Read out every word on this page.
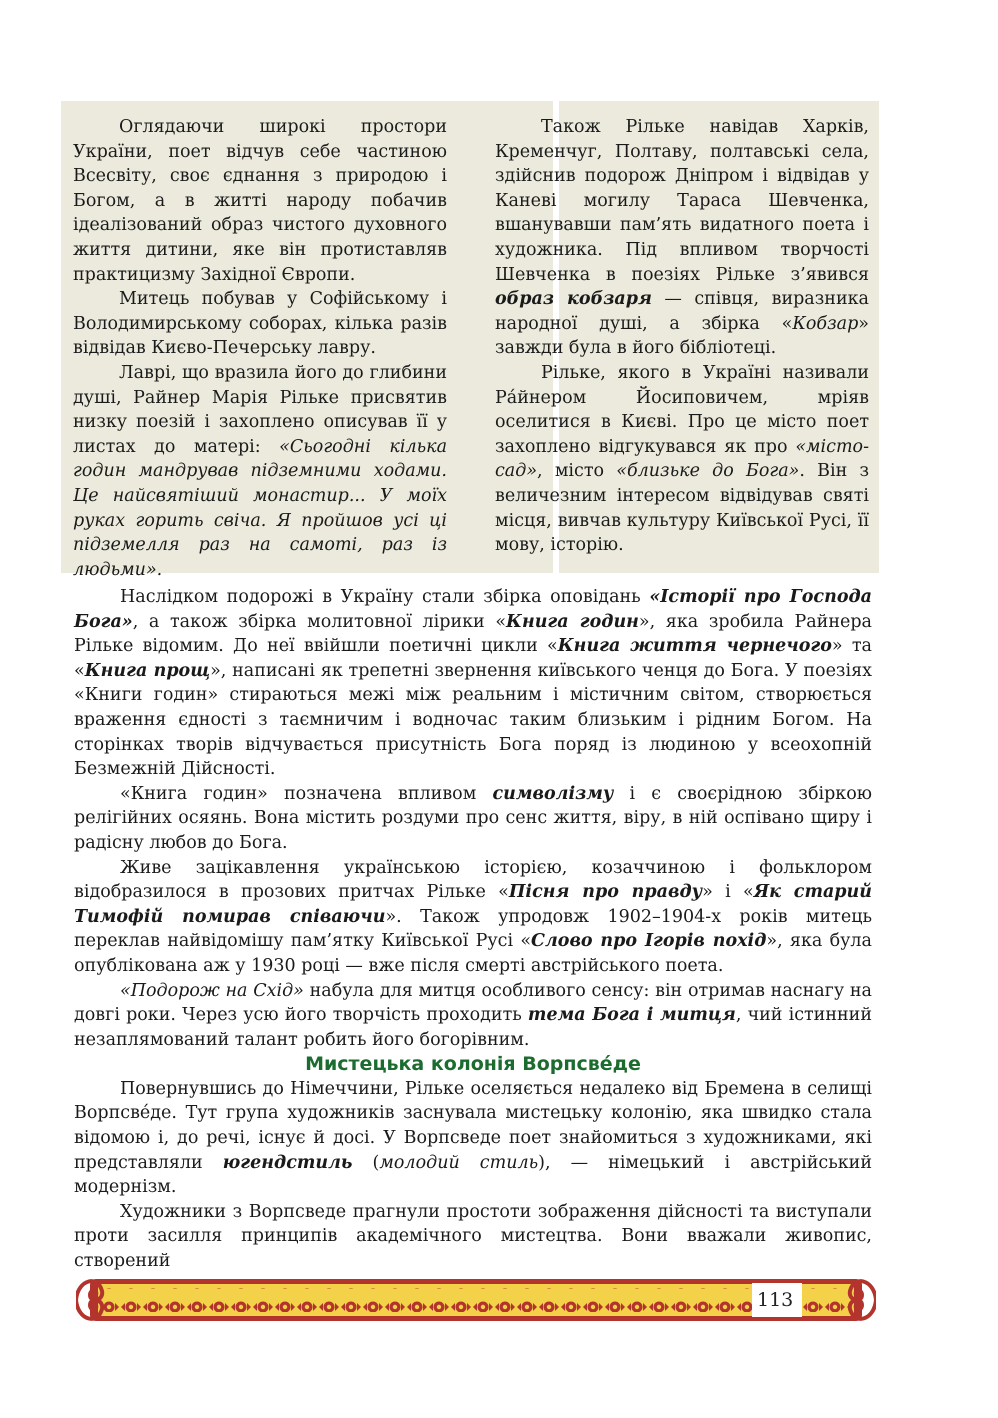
Оглядаючи широкі простори України, поет відчув себе частиною Всесвіту, своє єднання з природою і Богом, а в житті народу побачив ідеалізований образ чистого духовного життя дитини, яке він протиставляв практицизму Західної Європи.

Митець побував у Софійському і Володимирському соборах, кілька разів відвідав Києво-Печерську лавру.

Лаврі, що вразила його до глибини душі, Райнер Марія Рільке присвятив низку поезій і захоплено описував її у листах до матері: «Сьогодні кілька годин мандрував підземними ходами. Це найсвятіший монастир... У моїх руках горить свіча. Я пройшов усі ці підземелля раз на самоті, раз із людьми».

Також Рільке навідав Харків, Кременчуг, Полтаву, полтавські села, здійснив подорож Дніпром і відвідав у Каневі могилу Тараса Шевченка, вшанувавши пам’ять видатного поета і художника. Під впливом творчості Шевченка в поезіях Рільке з’явився образ кобзаря — співця, виразника народної душі, а збірка «Кобзар» завжди була в його бібліотеці.

Рільке, якого в Україні називали Ра́йнером Йосиповичем, мріяв оселитися в Києві. Про це місто поет захоплено відгукувався як про «місто-сад», місто «близьке до Бога». Він з величезним інтересом відвідував святі місця, вивчав культуру Київської Русі, її мову, історію.

Наслідком подорожі в Україну стали збірка оповідань «Історії про Господа Бога», а також збірка молитовної лірики «Книга годин», яка зробила Райнера Рільке відомим. До неї ввійшли поетичні цикли «Книга життя чернечого» та «Книга прощ», написані як трепетні звернення київського ченця до Бога. У поезіях «Книги годин» стираються межі між реальним і містичним світом, створюється враження єдності з таємничим і водночас таким близьким і рідним Богом. На сторінках творів відчувається присутність Бога поряд із людиною у всеохопній Безмежній Дійсності.

«Книга годин» позначена впливом символізму і є своєрідною збіркою релігійних осяянь. Вона містить роздуми про сенс життя, віру, в ній оспівано щиру і радісну любов до Бога.

Живе зацікавлення українською історією, козаччиною і фольклором відобразилося в прозових притчах Рільке «Пісня про правду» і «Як старий Тимофій помирав співаючи». Також упродовж 1902–1904-х років митець переклав найвідомішу пам’ятку Київської Русі «Слово про Ігорів похід», яка була опублікована аж у 1930 році — вже після смерті австрійського поета.

«Подорож на Схід» набула для митця особливого сенсу: він отримав наснагу на довгі роки. Через усю його творчість проходить тема Бога і митця, чий істинний незаплямований талант робить його богорівним.

Мистецька колонія Ворпсве́де

Повернувшись до Німеччини, Рільке оселяється недалеко від Бремена в селищі Ворпсве́де. Тут група художників заснувала мистецьку колонію, яка швидко стала відомою і, до речі, існує й досі. У Ворпсведе поет знайомиться з художниками, які представляли югендстиль (молодий стиль), — німецький і австрійський модернізм.

Художники з Ворпсведе прагнули простоти зображення дійсності та виступали проти засилля принципів академічного мистецтва. Вони вважали живопис, створений

113
